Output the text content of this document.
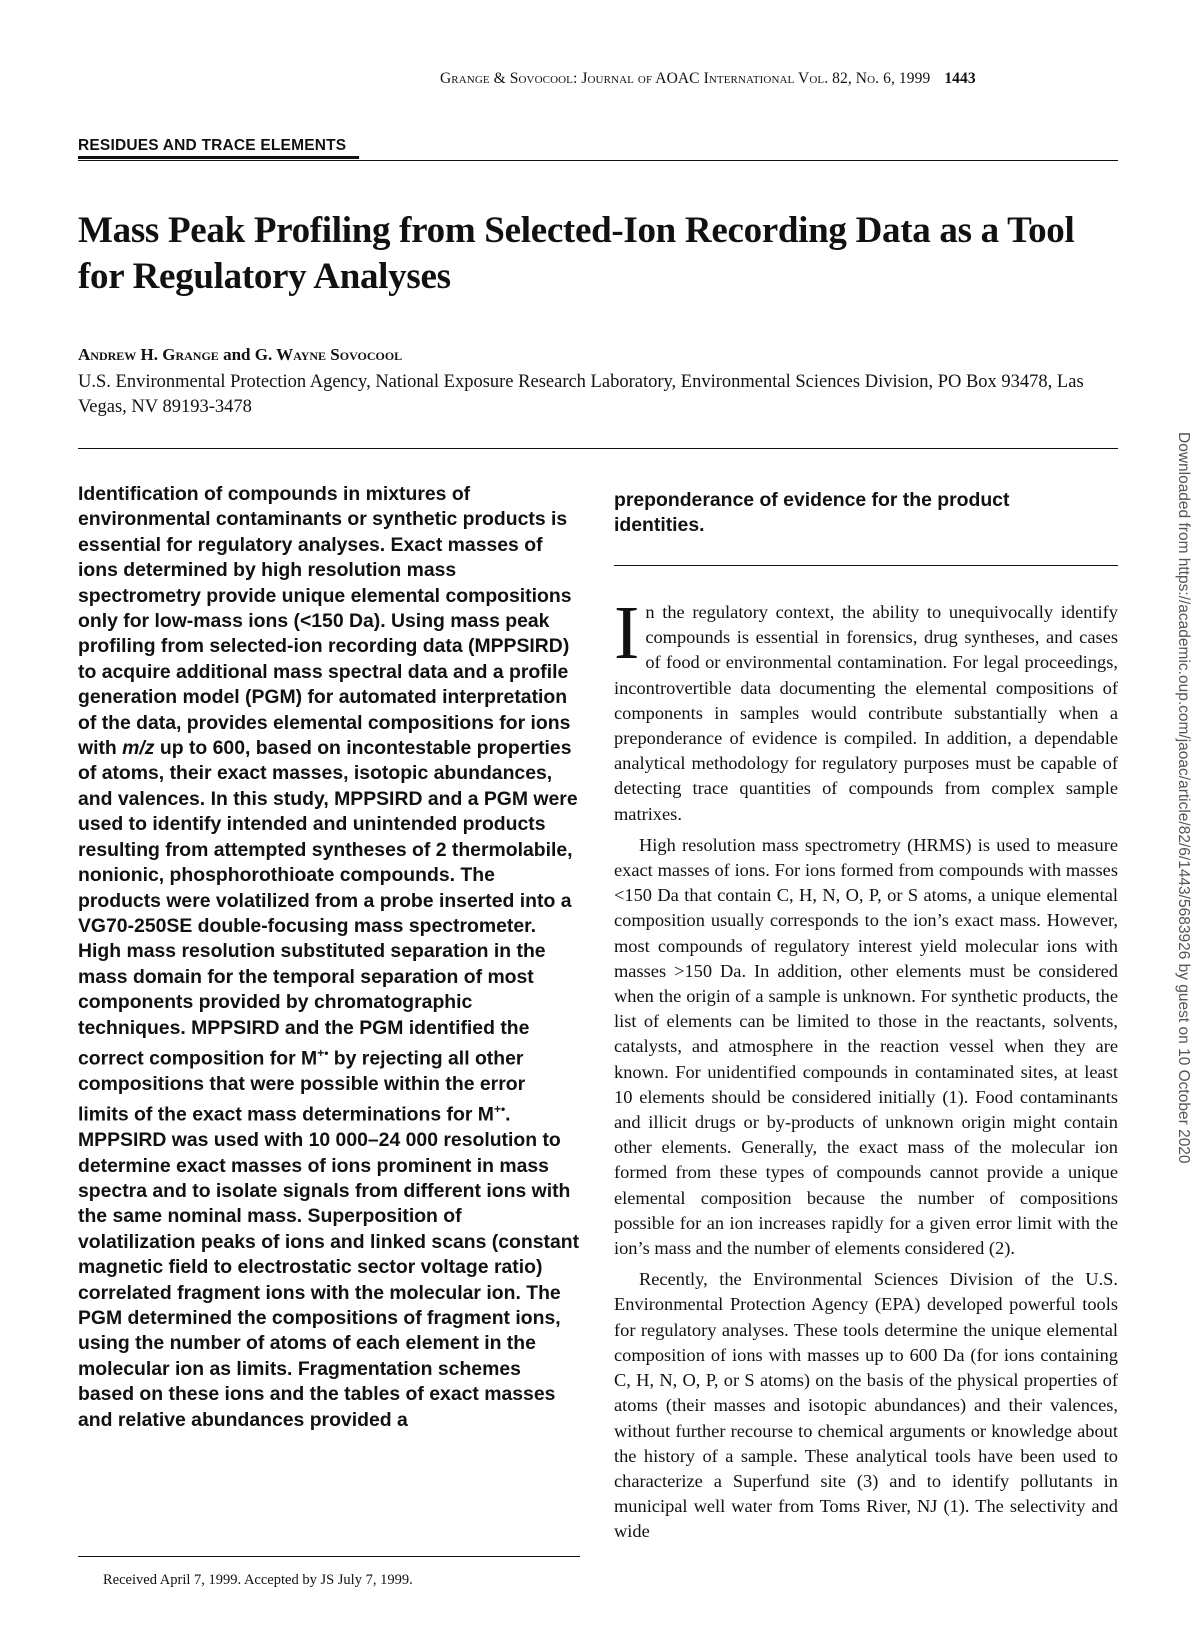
Grange & Sovocool: Journal of AOAC International Vol. 82, No. 6, 1999 1443
RESIDUES AND TRACE ELEMENTS
Mass Peak Profiling from Selected-Ion Recording Data as a Tool for Regulatory Analyses
Andrew H. Grange and G. Wayne Sovocool
U.S. Environmental Protection Agency, National Exposure Research Laboratory, Environmental Sciences Division, PO Box 93478, Las Vegas, NV 89193-3478
Identification of compounds in mixtures of environmental contaminants or synthetic products is essential for regulatory analyses. Exact masses of ions determined by high resolution mass spectrometry provide unique elemental compositions only for low-mass ions (<150 Da). Using mass peak profiling from selected-ion recording data (MPPSIRD) to acquire additional mass spectral data and a profile generation model (PGM) for automated interpretation of the data, provides elemental compositions for ions with m/z up to 600, based on incontestable properties of atoms, their exact masses, isotopic abundances, and valences. In this study, MPPSIRD and a PGM were used to identify intended and unintended products resulting from attempted syntheses of 2 thermolabile, nonionic, phosphorothioate compounds. The products were volatilized from a probe inserted into a VG70-250SE double-focusing mass spectrometer. High mass resolution substituted separation in the mass domain for the temporal separation of most components provided by chromatographic techniques. MPPSIRD and the PGM identified the correct composition for M+• by rejecting all other compositions that were possible within the error limits of the exact mass determinations for M+•. MPPSIRD was used with 10 000–24 000 resolution to determine exact masses of ions prominent in mass spectra and to isolate signals from different ions with the same nominal mass. Superposition of volatilization peaks of ions and linked scans (constant magnetic field to electrostatic sector voltage ratio) correlated fragment ions with the molecular ion. The PGM determined the compositions of fragment ions, using the number of atoms of each element in the molecular ion as limits. Fragmentation schemes based on these ions and the tables of exact masses and relative abundances provided a
preponderance of evidence for the product identities.

In the regulatory context, the ability to unequivocally identify compounds is essential in forensics, drug syntheses, and cases of food or environmental contamination. For legal proceedings, incontrovertible data documenting the elemental compositions of components in samples would contribute substantially when a preponderance of evidence is compiled. In addition, a dependable analytical methodology for regulatory purposes must be capable of detecting trace quantities of compounds from complex sample matrixes.

High resolution mass spectrometry (HRMS) is used to measure exact masses of ions. For ions formed from compounds with masses <150 Da that contain C, H, N, O, P, or S atoms, a unique elemental composition usually corresponds to the ion’s exact mass. However, most compounds of regulatory interest yield molecular ions with masses >150 Da. In addition, other elements must be considered when the origin of a sample is unknown. For synthetic products, the list of elements can be limited to those in the reactants, solvents, catalysts, and atmosphere in the reaction vessel when they are known. For unidentified compounds in contaminated sites, at least 10 elements should be considered initially (1). Food contaminants and illicit drugs or by-products of unknown origin might contain other elements. Generally, the exact mass of the molecular ion formed from these types of compounds cannot provide a unique elemental composition because the number of compositions possible for an ion increases rapidly for a given error limit with the ion’s mass and the number of elements considered (2).

Recently, the Environmental Sciences Division of the U.S. Environmental Protection Agency (EPA) developed powerful tools for regulatory analyses. These tools determine the unique elemental composition of ions with masses up to 600 Da (for ions containing C, H, N, O, P, or S atoms) on the basis of the physical properties of atoms (their masses and isotopic abundances) and their valences, without further recourse to chemical arguments or knowledge about the history of a sample. These analytical tools have been used to characterize a Superfund site (3) and to identify pollutants in municipal well water from Toms River, NJ (1). The selectivity and wide

Received April 7, 1999. Accepted by JS July 7, 1999.
Downloaded from https://academic.oup.com/jaoac/article/82/6/1443/5683926 by guest on 10 October 2020
